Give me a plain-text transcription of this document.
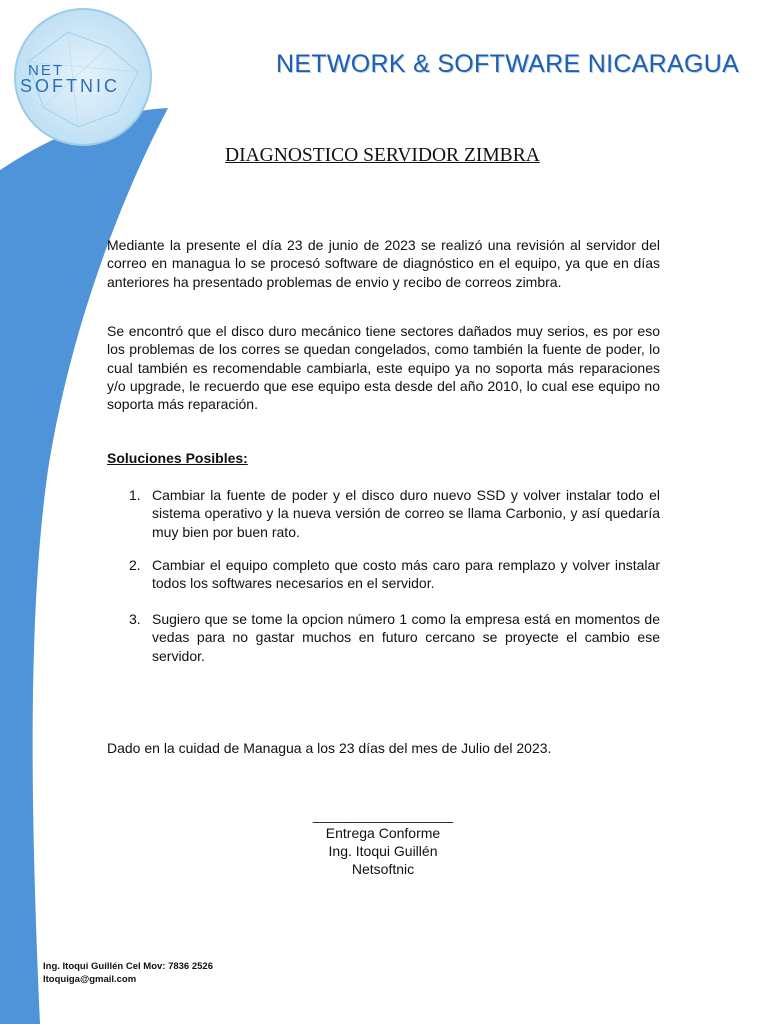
NET
SOFTNIC
NETWORK & SOFTWARE NICARAGUA
DIAGNOSTICO SERVIDOR ZIMBRA

Mediante la presente el día 23 de junio de 2023 se realizó una revisión al servidor del correo en managua lo se procesó software de diagnóstico en el equipo, ya que en días anteriores ha presentado problemas de envio y recibo de correos zimbra.

Se encontró que el disco duro mecánico tiene sectores dañados muy serios, es por eso los problemas de los corres se quedan congelados, como también la fuente de poder, lo cual también es recomendable cambiarla, este equipo ya no soporta más reparaciones y/o upgrade, le recuerdo que ese equipo esta desde del año 2010, lo cual ese equipo no soporta más reparación.

Soluciones Posibles:
1. Cambiar la fuente de poder y el disco duro nuevo SSD y volver instalar todo el sistema operativo y la nueva versión de correo se llama Carbonio, y así quedaría muy bien por buen rato.
2. Cambiar el equipo completo que costo más caro para remplazo y volver instalar todos los softwares necesarios en el servidor.
3. Sugiero que se tome la opcion número 1 como la empresa está en momentos de vedas para no gastar muchos en futuro cercano se proyecte el cambio ese servidor.
Dado en la cuidad de Managua a los 23 días del mes de Julio del 2023.
__________________
Entrega Conforme
Ing. Itoqui Guillén
Netsoftnic
Ing. Itoqui Guillén Cel Mov: 7836 2526
ltoquiga@gmail.com
